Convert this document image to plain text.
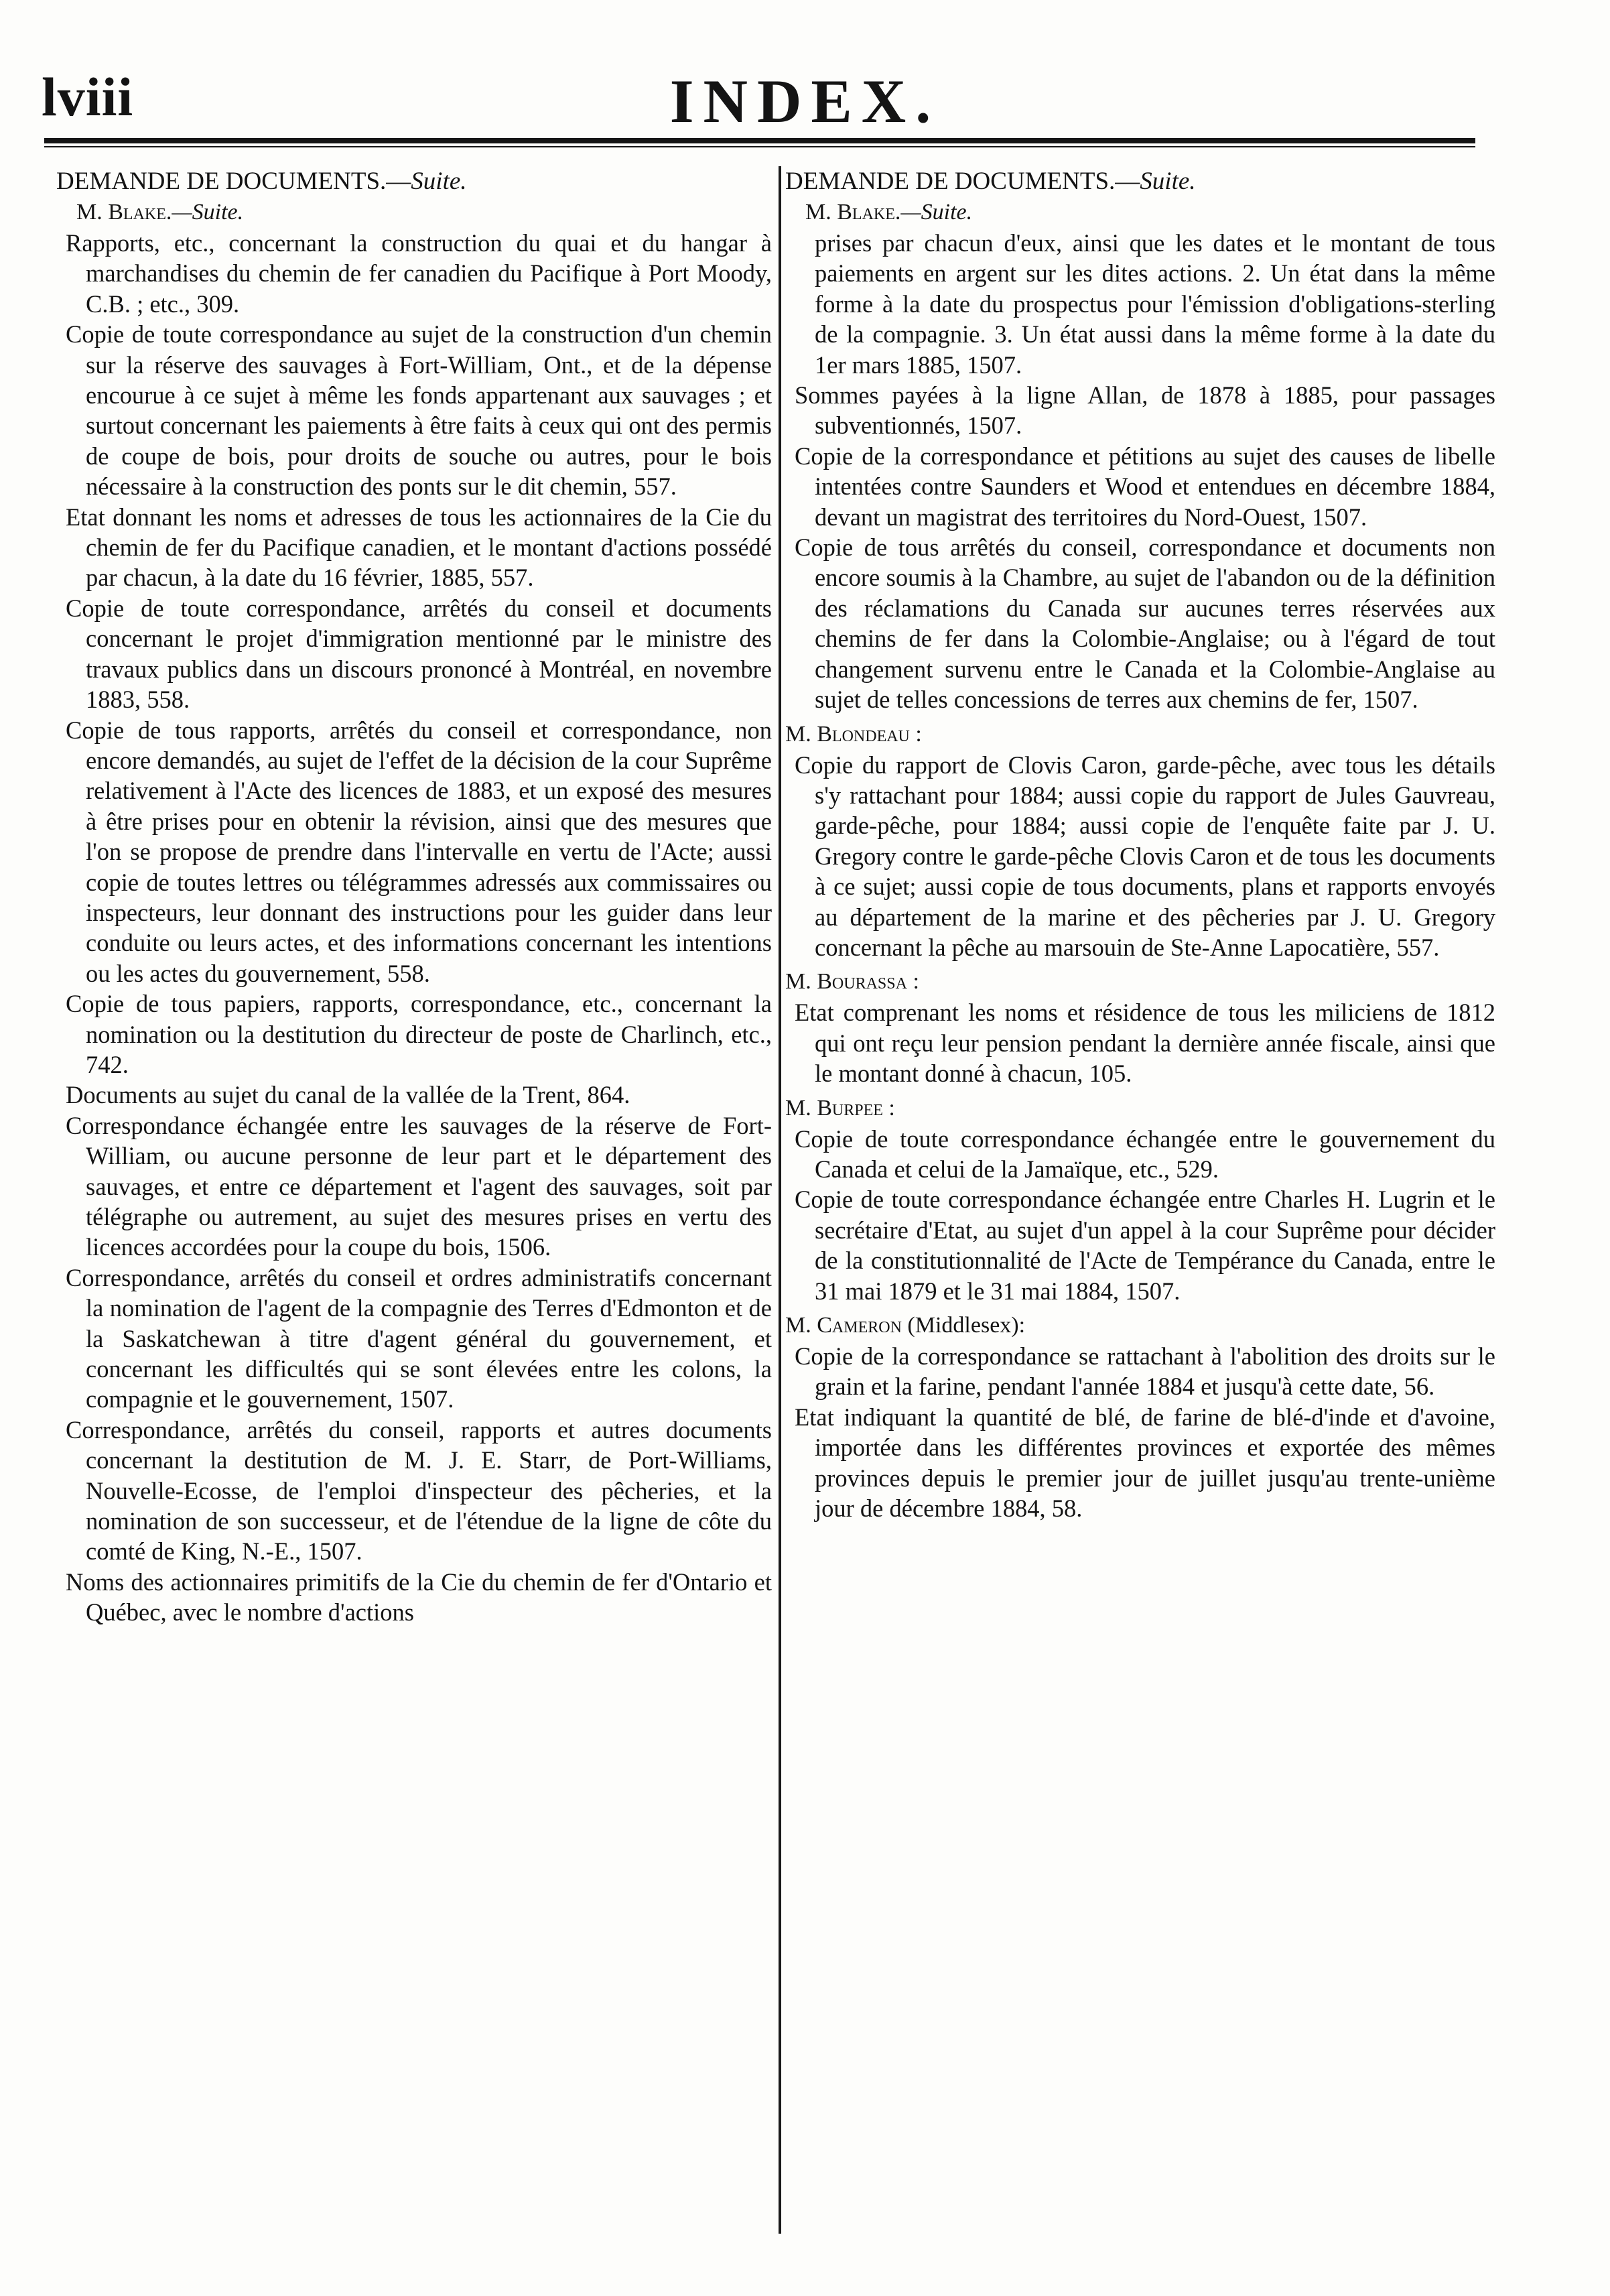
lviii	INDEX.
DEMANDE DE DOCUMENTS.—Suite.
M. Blake.—Suite.

Rapports, etc., concernant la construction du quai et du hangar à marchandises du chemin de fer canadien du Pacifique à Port Moody, C.B. ; etc., 309.

Copie de toute correspondance au sujet de la construction d'un chemin sur la réserve des sauvages à Fort-William, Ont., et de la dépense encourue à ce sujet à même les fonds appartenant aux sauvages ; et surtout concernant les paiements à être faits à ceux qui ont des permis de coupe de bois, pour droits de souche ou autres, pour le bois nécessaire à la construction des ponts sur le dit chemin, 557.

Etat donnant les noms et adresses de tous les actionnaires de la Cie du chemin de fer du Pacifique canadien, et le montant d'actions possédé par chacun, à la date du 16 février, 1885, 557.

Copie de toute correspondance, arrêtés du conseil et documents concernant le projet d'immigration mentionné par le ministre des travaux publics dans un discours prononcé à Montréal, en novembre 1883, 558.

Copie de tous rapports, arrêtés du conseil et correspondance, non encore demandés, au sujet de l'effet de la décision de la cour Suprême relativement à l'Acte des licences de 1883, et un exposé des mesures à être prises pour en obtenir la révision, ainsi que des mesures que l'on se propose de prendre dans l'intervalle en vertu de l'Acte; aussi copie de toutes lettres ou télégrammes adressés aux commissaires ou inspecteurs, leur donnant des instructions pour les guider dans leur conduite ou leurs actes, et des informations concernant les intentions ou les actes du gouvernement, 558.

Copie de tous papiers, rapports, correspondance, etc., concernant la nomination ou la destitution du directeur de poste de Charlinch, etc., 742.

Documents au sujet du canal de la vallée de la Trent, 864.

Correspondance échangée entre les sauvages de la réserve de Fort-William, ou aucune personne de leur part et le département des sauvages, et entre ce département et l'agent des sauvages, soit par télégraphe ou autrement, au sujet des mesures prises en vertu des licences accordées pour la coupe du bois, 1506.

Correspondance, arrêtés du conseil et ordres administratifs concernant la nomination de l'agent de la compagnie des Terres d'Edmonton et de la Saskatchewan à titre d'agent général du gouvernement, et concernant les difficultés qui se sont élevées entre les colons, la compagnie et le gouvernement, 1507.

Correspondance, arrêtés du conseil, rapports et autres documents concernant la destitution de M. J. E. Starr, de Port-Williams, Nouvelle-Ecosse, de l'emploi d'inspecteur des pêcheries, et la nomination de son successeur, et de l'étendue de la ligne de côte du comté de King, N.-E., 1507.

Noms des actionnaires primitifs de la Cie du chemin de fer d'Ontario et Québec, avec le nombre d'actions

DEMANDE DE DOCUMENTS.—Suite.
M. Blake.—Suite.

prises par chacun d'eux, ainsi que les dates et le montant de tous paiements en argent sur les dites actions. 2. Un état dans la même forme à la date du prospectus pour l'émission d'obligations-sterling de la compagnie. 3. Un état aussi dans la même forme à la date du 1er mars 1885, 1507.

Sommes payées à la ligne Allan, de 1878 à 1885, pour passages subventionnés, 1507.

Copie de la correspondance et pétitions au sujet des causes de libelle intentées contre Saunders et Wood et entendues en décembre 1884, devant un magistrat des territoires du Nord-Ouest, 1507.

Copie de tous arrêtés du conseil, correspondance et documents non encore soumis à la Chambre, au sujet de l'abandon ou de la définition des réclamations du Canada sur aucunes terres réservées aux chemins de fer dans la Colombie-Anglaise; ou à l'égard de tout changement survenu entre le Canada et la Colombie-Anglaise au sujet de telles concessions de terres aux chemins de fer, 1507.

M. Blondeau :

Copie du rapport de Clovis Caron, garde-pêche, avec tous les détails s'y rattachant pour 1884; aussi copie du rapport de Jules Gauvreau, garde-pêche, pour 1884; aussi copie de l'enquête faite par J. U. Gregory contre le garde-pêche Clovis Caron et de tous les documents à ce sujet; aussi copie de tous documents, plans et rapports envoyés au département de la marine et des pêcheries par J. U. Gregory concernant la pêche au marsouin de Ste-Anne Lapocatière, 557.

M. Bourassa :

Etat comprenant les noms et résidence de tous les miliciens de 1812 qui ont reçu leur pension pendant la dernière année fiscale, ainsi que le montant donné à chacun, 105.

M. Burpee :

Copie de toute correspondance échangée entre le gouvernement du Canada et celui de la Jamaïque, etc., 529.

Copie de toute correspondance échangée entre Charles H. Lugrin et le secrétaire d'Etat, au sujet d'un appel à la cour Suprême pour décider de la constitutionnalité de l'Acte de Tempérance du Canada, entre le 31 mai 1879 et le 31 mai 1884, 1507.

M. Cameron (Middlesex):

Copie de la correspondance se rattachant à l'abolition des droits sur le grain et la farine, pendant l'année 1884 et jusqu'à cette date, 56.

Etat indiquant la quantité de blé, de farine de blé-d'inde et d'avoine, importée dans les différentes provinces et exportée des mêmes provinces depuis le premier jour de juillet jusqu'au trente-unième jour de décembre 1884, 58.
